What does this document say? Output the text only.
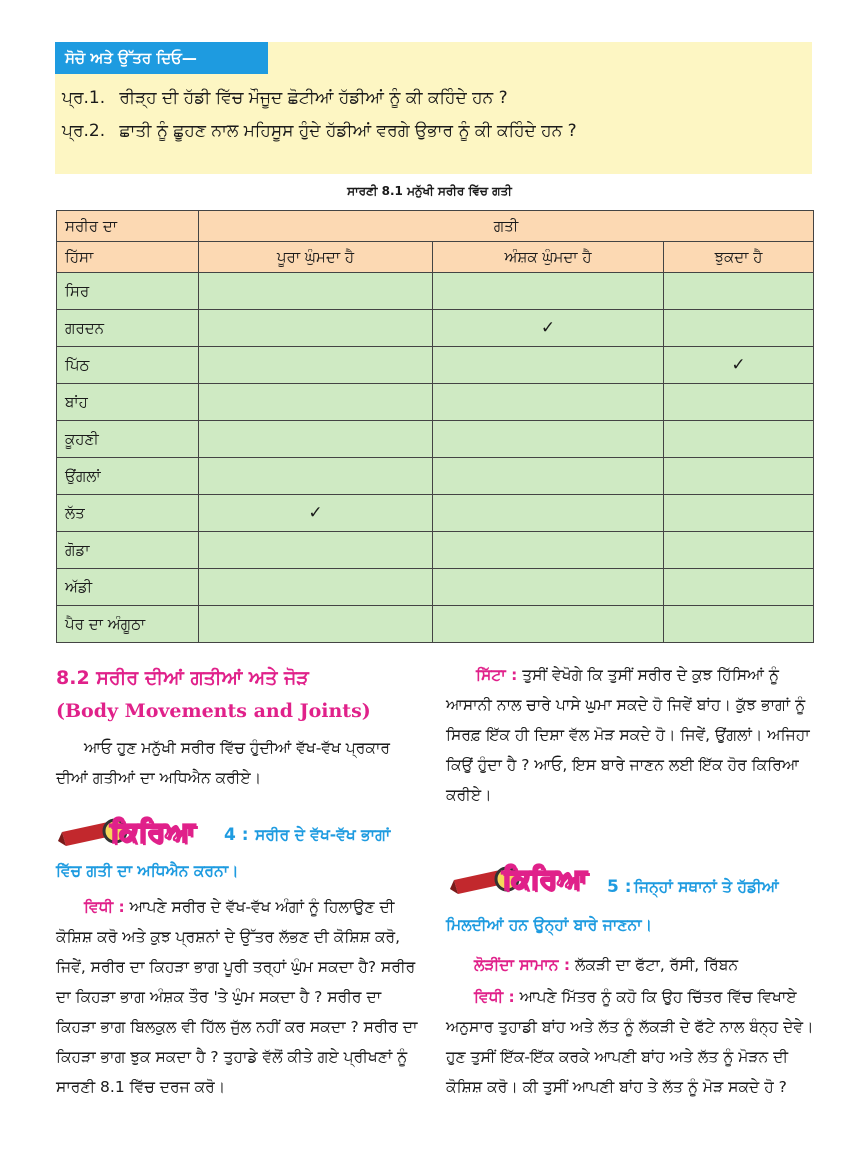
ਸੋਚੋ ਅਤੇ ਉੱਤਰ ਦਿਓ—
ਪ੍ਰ.1. ਰੀੜ੍ਹ ਦੀ ਹੱਡੀ ਵਿੱਚ ਮੌਜੂਦ ਛੋਟੀਆਂ ਹੱਡੀਆਂ ਨੂੰ ਕੀ ਕਹਿੰਦੇ ਹਨ ?
ਪ੍ਰ.2. ਛਾਤੀ ਨੂੰ ਛੂਹਣ ਨਾਲ ਮਹਿਸੂਸ ਹੁੰਦੇ ਹੱਡੀਆਂ ਵਰਗੇ ਉਭਾਰ ਨੂੰ ਕੀ ਕਹਿੰਦੇ ਹਨ ?
ਸਾਰਣੀ 8.1 ਮਨੁੱਖੀ ਸਰੀਰ ਵਿੱਚ ਗਤੀ
ਸਰੀਰ ਦਾ	ਗਤੀ		
ਹਿੱਸਾ	ਪੂਰਾ ਘੁੰਮਦਾ ਹੈ	ਅੰਸ਼ਕ ਘੁੰਮਦਾ ਹੈ	ਝੁਕਦਾ ਹੈ
ਸਿਰ			
ਗਰਦਨ		✓	
ਪਿੱਠ			✓
ਬਾਂਹ			
ਕੂਹਣੀ			
ਉਂਗਲਾਂ			
ਲੱਤ	✓		
ਗੋਡਾ			
ਅੱਡੀ			
ਪੈਰ ਦਾ ਅੰਗੂਠਾ			
8.2 ਸਰੀਰ ਦੀਆਂ ਗਤੀਆਂ ਅਤੇ ਜੋੜ
(Body Movements and Joints)
ਆਓ ਹੁਣ ਮਨੁੱਖੀ ਸਰੀਰ ਵਿੱਚ ਹੁੰਦੀਆਂ ਵੱਖ-ਵੱਖ ਪ੍ਰਕਾਰ ਦੀਆਂ ਗਤੀਆਂ ਦਾ ਅਧਿਐਨ ਕਰੀਏ।
ਕਿਰਿਆ 4 : ਸਰੀਰ ਦੇ ਵੱਖ-ਵੱਖ ਭਾਗਾਂ
ਵਿੱਚ ਗਤੀ ਦਾ ਅਧਿਐਨ ਕਰਨਾ।
ਵਿਧੀ : ਆਪਣੇ ਸਰੀਰ ਦੇ ਵੱਖ-ਵੱਖ ਅੰਗਾਂ ਨੂੰ ਹਿਲਾਉਣ ਦੀ ਕੋਸ਼ਿਸ਼ ਕਰੋ ਅਤੇ ਕੁਝ ਪ੍ਰਸ਼ਨਾਂ ਦੇ ਉੱਤਰ ਲੱਭਣ ਦੀ ਕੋਸ਼ਿਸ਼ ਕਰੋ, ਜਿਵੇਂ, ਸਰੀਰ ਦਾ ਕਿਹੜਾ ਭਾਗ ਪੂਰੀ ਤਰ੍ਹਾਂ ਘੁੰਮ ਸਕਦਾ ਹੈ? ਸਰੀਰ ਦਾ ਕਿਹੜਾ ਭਾਗ ਅੰਸ਼ਕ ਤੌਰ 'ਤੇ ਘੁੰਮ ਸਕਦਾ ਹੈ ? ਸਰੀਰ ਦਾ ਕਿਹੜਾ ਭਾਗ ਬਿਲਕੁਲ ਵੀ ਹਿੱਲ ਜੁੱਲ ਨਹੀਂ ਕਰ ਸਕਦਾ ? ਸਰੀਰ ਦਾ ਕਿਹੜਾ ਭਾਗ ਝੁਕ ਸਕਦਾ ਹੈ ? ਤੁਹਾਡੇ ਵੱਲੋਂ ਕੀਤੇ ਗਏ ਪ੍ਰੀਖਣਾਂ ਨੂੰ ਸਾਰਣੀ 8.1 ਵਿੱਚ ਦਰਜ ਕਰੋ।
ਸਿੱਟਾ : ਤੁਸੀਂ ਵੇਖੋਗੇ ਕਿ ਤੁਸੀਂ ਸਰੀਰ ਦੇ ਕੁਝ ਹਿੱਸਿਆਂ ਨੂੰ ਆਸਾਨੀ ਨਾਲ ਚਾਰੇ ਪਾਸੇ ਘੁਮਾ ਸਕਦੇ ਹੋ ਜਿਵੇਂ ਬਾਂਹ। ਕੁੱਝ ਭਾਗਾਂ ਨੂੰ ਸਿਰਫ਼ ਇੱਕ ਹੀ ਦਿਸ਼ਾ ਵੱਲ ਮੋੜ ਸਕਦੇ ਹੋ। ਜਿਵੇਂ, ਉਂਗਲਾਂ। ਅਜਿਹਾ ਕਿਉਂ ਹੁੰਦਾ ਹੈ ? ਆਓ, ਇਸ ਬਾਰੇ ਜਾਣਨ ਲਈ ਇੱਕ ਹੋਰ ਕਿਰਿਆ ਕਰੀਏ।
ਕਿਰਿਆ 5 : ਜਿਨ੍ਹਾਂ ਸਥਾਨਾਂ ਤੇ ਹੱਡੀਆਂ
ਮਿਲਦੀਆਂ ਹਨ ਉਨ੍ਹਾਂ ਬਾਰੇ ਜਾਣਨਾ।
ਲੋੜੀਂਦਾ ਸਾਮਾਨ : ਲੱਕੜੀ ਦਾ ਫੱਟਾ, ਰੱਸੀ, ਰਿੱਬਨ
ਵਿਧੀ : ਆਪਣੇ ਮਿੱਤਰ ਨੂੰ ਕਹੋ ਕਿ ਉਹ ਚਿੱਤਰ ਵਿੱਚ ਵਿਖਾਏ ਅਨੁਸਾਰ ਤੁਹਾਡੀ ਬਾਂਹ ਅਤੇ ਲੱਤ ਨੂੰ ਲੱਕੜੀ ਦੇ ਫੱਟੇ ਨਾਲ ਬੰਨ੍ਹ ਦੇਵੇ। ਹੁਣ ਤੁਸੀਂ ਇੱਕ-ਇੱਕ ਕਰਕੇ ਆਪਣੀ ਬਾਂਹ ਅਤੇ ਲੱਤ ਨੂੰ ਮੋੜਨ ਦੀ ਕੋਸ਼ਿਸ਼ ਕਰੋ। ਕੀ ਤੁਸੀਂ ਆਪਣੀ ਬਾਂਹ ਤੇ ਲੱਤ ਨੂੰ ਮੋੜ ਸਕਦੇ ਹੋ ?
